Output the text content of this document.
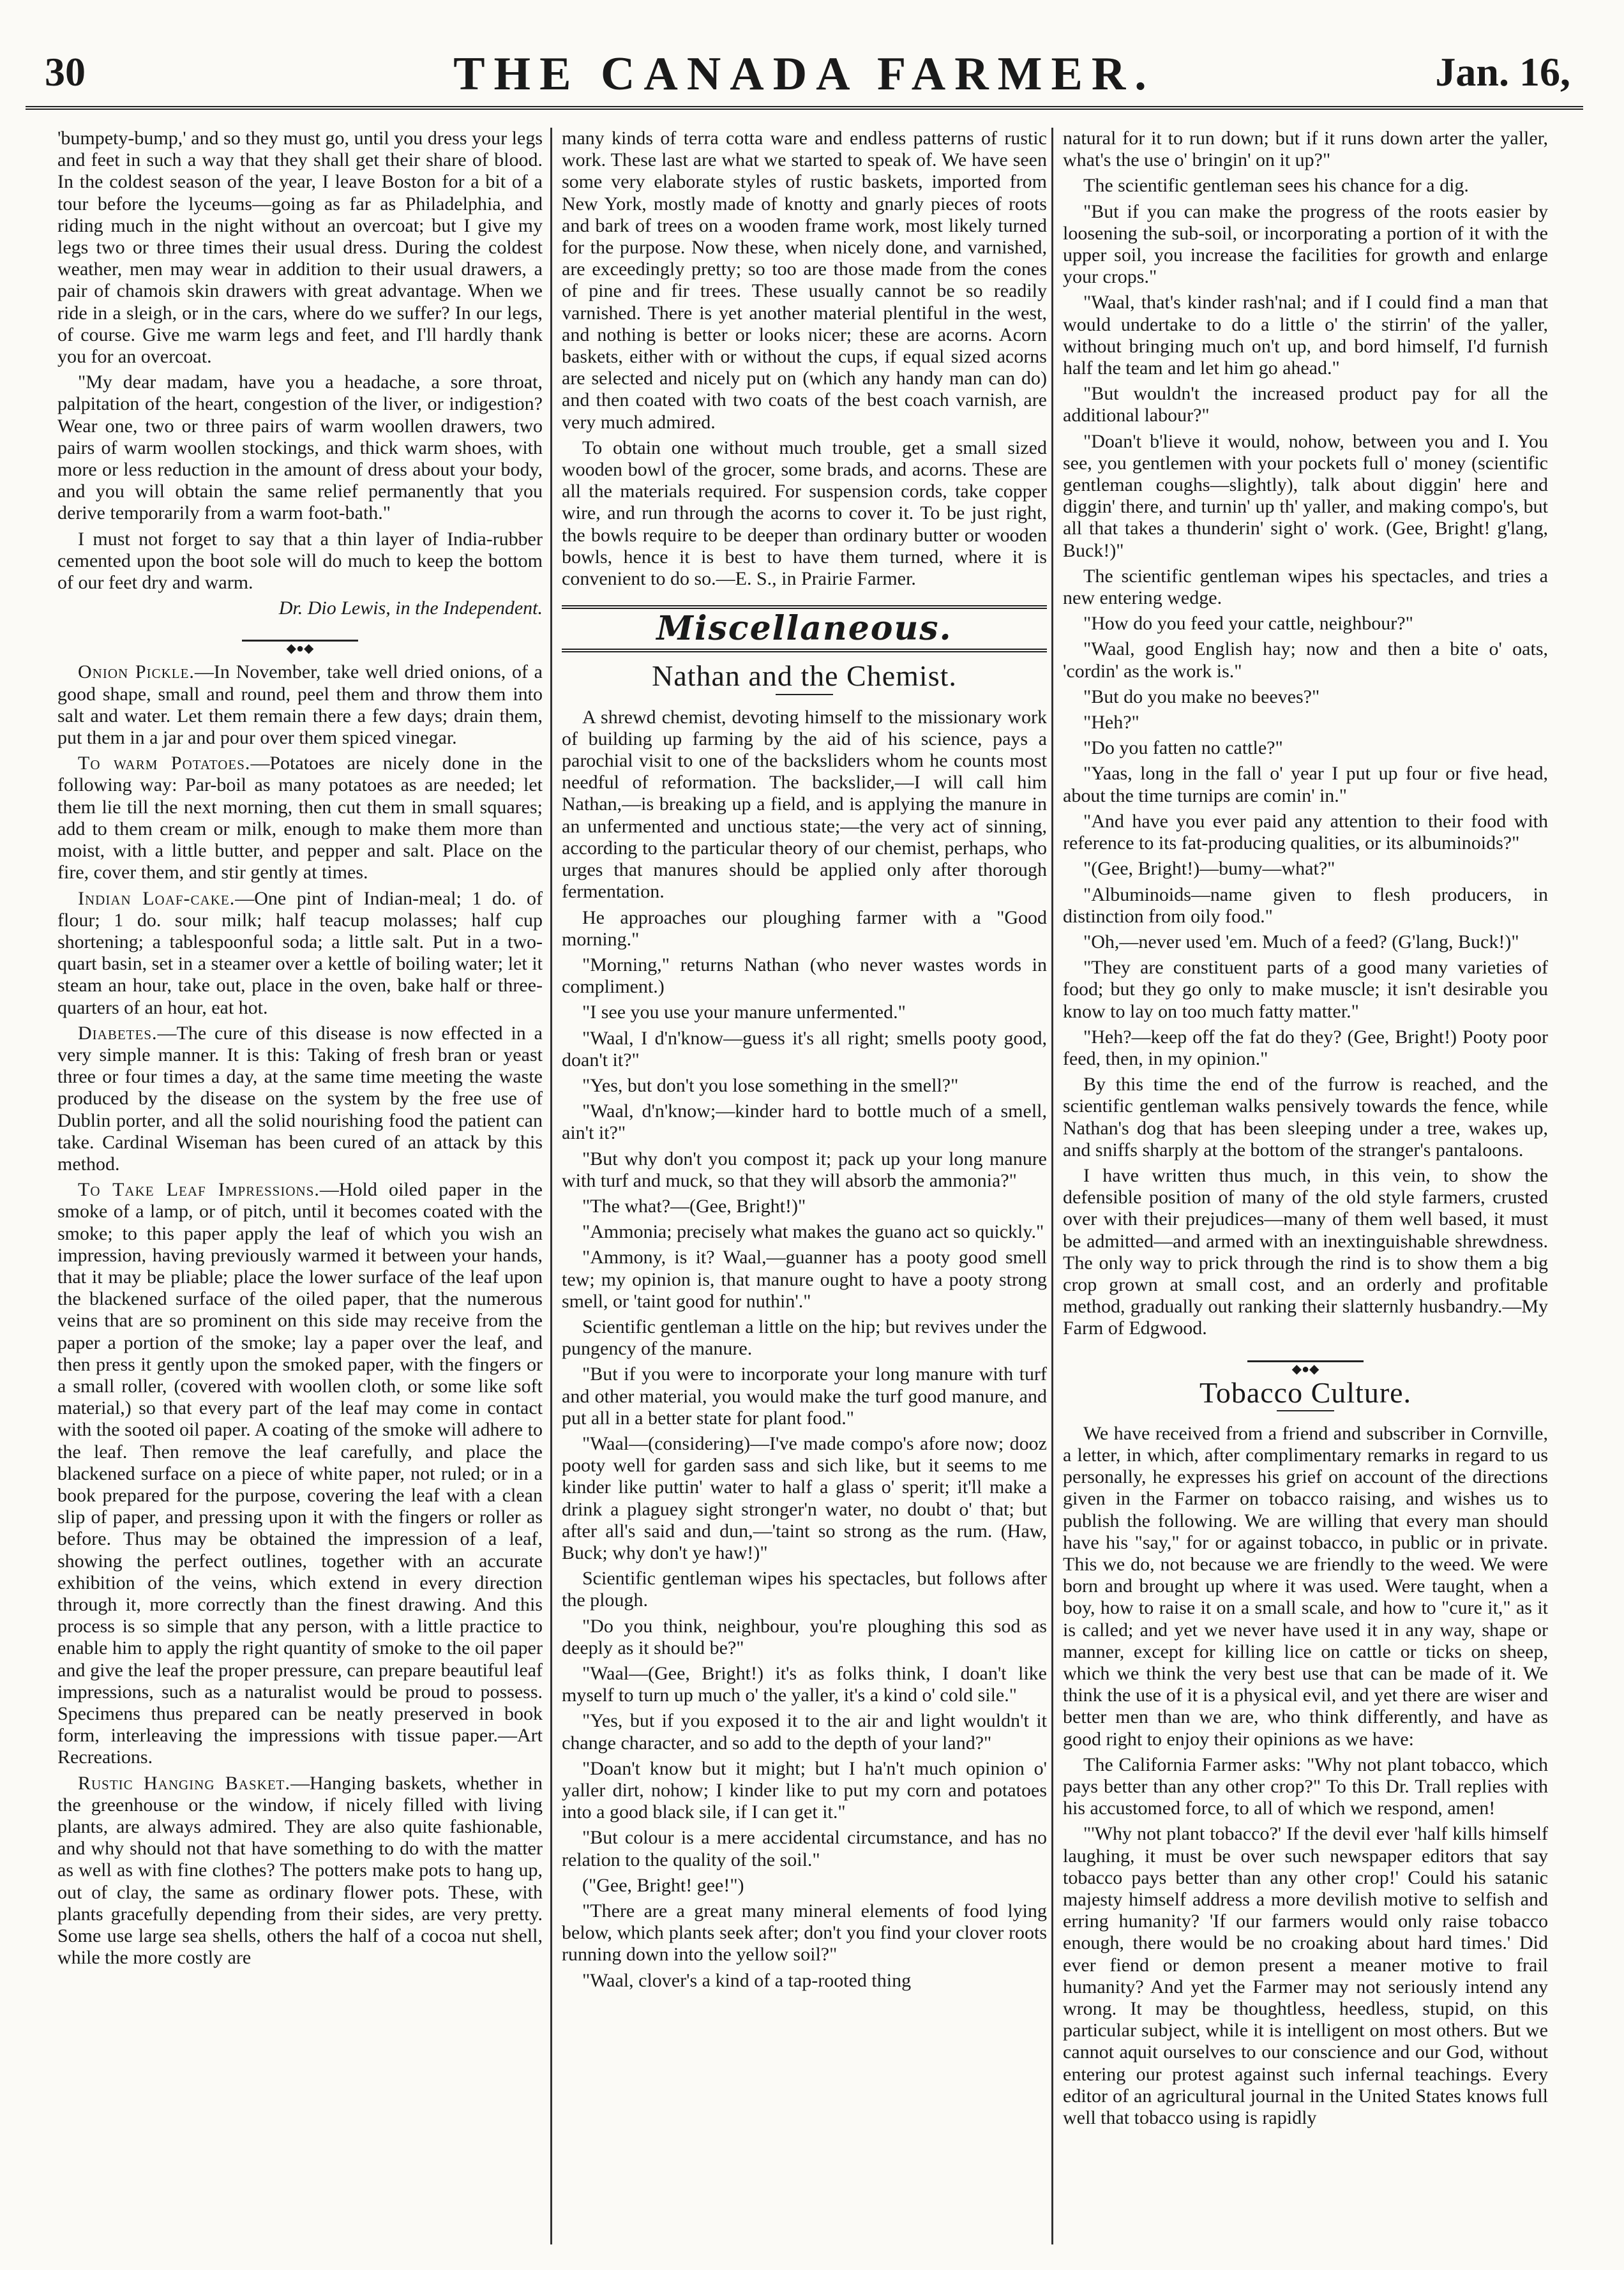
30	THE CANADA FARMER.	Jan. 16,

'bumpety-bump,' and so they must go, until you dress your legs and feet in such a way that they shall get their share of blood. In the coldest season of the year, I leave Boston for a bit of a tour before the lyceums—going as far as Philadelphia, and riding much in the night without an overcoat; but I give my legs two or three times their usual dress. During the coldest weather, men may wear in addition to their usual drawers, a pair of chamois skin drawers with great advantage. When we ride in a sleigh, or in the cars, where do we suffer? In our legs, of course. Give me warm legs and feet, and I'll hardly thank you for an overcoat.

"My dear madam, have you a headache, a sore throat, palpitation of the heart, congestion of the liver, or indigestion? Wear one, two or three pairs of warm woollen drawers, two pairs of warm woollen stockings, and thick warm shoes, with more or less reduction in the amount of dress about your body, and you will obtain the same relief permanently that you derive temporarily from a warm foot-bath."

I must not forget to say that a thin layer of India-rubber cemented upon the boot sole will do much to keep the bottom of our feet dry and warm.

Dr. Dio Lewis, in the Independent.

◆●◆

Onion Pickle.—In November, take well dried onions, of a good shape, small and round, peel them and throw them into salt and water. Let them remain there a few days; drain them, put them in a jar and pour over them spiced vinegar.

To warm Potatoes.—Potatoes are nicely done in the following way: Par-boil as many potatoes as are needed; let them lie till the next morning, then cut them in small squares; add to them cream or milk, enough to make them more than moist, with a little butter, and pepper and salt. Place on the fire, cover them, and stir gently at times.

Indian Loaf-cake.—One pint of Indian-meal; 1 do. of flour; 1 do. sour milk; half teacup molasses; half cup shortening; a tablespoonful soda; a little salt. Put in a two-quart basin, set in a steamer over a kettle of boiling water; let it steam an hour, take out, place in the oven, bake half or three-quarters of an hour, eat hot.

Diabetes.—The cure of this disease is now effected in a very simple manner. It is this: Taking of fresh bran or yeast three or four times a day, at the same time meeting the waste produced by the disease on the system by the free use of Dublin porter, and all the solid nourishing food the patient can take. Cardinal Wiseman has been cured of an attack by this method.

To Take Leaf Impressions.—Hold oiled paper in the smoke of a lamp, or of pitch, until it becomes coated with the smoke; to this paper apply the leaf of which you wish an impression, having previously warmed it between your hands, that it may be pliable; place the lower surface of the leaf upon the blackened surface of the oiled paper, that the numerous veins that are so prominent on this side may receive from the paper a portion of the smoke; lay a paper over the leaf, and then press it gently upon the smoked paper, with the fingers or a small roller, (covered with woollen cloth, or some like soft material,) so that every part of the leaf may come in contact with the sooted oil paper. A coating of the smoke will adhere to the leaf. Then remove the leaf carefully, and place the blackened surface on a piece of white paper, not ruled; or in a book prepared for the purpose, covering the leaf with a clean slip of paper, and pressing upon it with the fingers or roller as before. Thus may be obtained the impression of a leaf, showing the perfect outlines, together with an accurate exhibition of the veins, which extend in every direction through it, more correctly than the finest drawing. And this process is so simple that any person, with a little practice to enable him to apply the right quantity of smoke to the oil paper and give the leaf the proper pressure, can prepare beautiful leaf impressions, such as a naturalist would be proud to possess. Specimens thus prepared can be neatly preserved in book form, interleaving the impressions with tissue paper.—Art Recreations.

Rustic Hanging Basket.—Hanging baskets, whether in the greenhouse or the window, if nicely filled with living plants, are always admired. They are also quite fashionable, and why should not that have something to do with the matter as well as with fine clothes? The potters make pots to hang up, out of clay, the same as ordinary flower pots. These, with plants gracefully depending from their sides, are very pretty. Some use large sea shells, others the half of a cocoa nut shell, while the more costly are

many kinds of terra cotta ware and endless patterns of rustic work. These last are what we started to speak of. We have seen some very elaborate styles of rustic baskets, imported from New York, mostly made of knotty and gnarly pieces of roots and bark of trees on a wooden frame work, most likely turned for the purpose. Now these, when nicely done, and varnished, are exceedingly pretty; so too are those made from the cones of pine and fir trees. These usually cannot be so readily varnished. There is yet another material plentiful in the west, and nothing is better or looks nicer; these are acorns. Acorn baskets, either with or without the cups, if equal sized acorns are selected and nicely put on (which any handy man can do) and then coated with two coats of the best coach varnish, are very much admired.

To obtain one without much trouble, get a small sized wooden bowl of the grocer, some brads, and acorns. These are all the materials required. For suspension cords, take copper wire, and run through the acorns to cover it. To be just right, the bowls require to be deeper than ordinary butter or wooden bowls, hence it is best to have them turned, where it is convenient to do so.—E. S., in Prairie Farmer.

Miscellaneous.
Nathan and the Chemist.

A shrewd chemist, devoting himself to the missionary work of building up farming by the aid of his science, pays a parochial visit to one of the backsliders whom he counts most needful of reformation. The backslider,—I will call him Nathan,—is breaking up a field, and is applying the manure in an unfermented and unctious state;—the very act of sinning, according to the particular theory of our chemist, perhaps, who urges that manures should be applied only after thorough fermentation.

He approaches our ploughing farmer with a "Good morning."

"Morning," returns Nathan (who never wastes words in compliment.)

"I see you use your manure unfermented."

"Waal, I d'n'know—guess it's all right; smells pooty good, doan't it?"

"Yes, but don't you lose something in the smell?"

"Waal, d'n'know;—kinder hard to bottle much of a smell, ain't it?"

"But why don't you compost it; pack up your long manure with turf and muck, so that they will absorb the ammonia?"

"The what?—(Gee, Bright!)"

"Ammonia; precisely what makes the guano act so quickly."

"Ammony, is it? Waal,—guanner has a pooty good smell tew; my opinion is, that manure ought to have a pooty strong smell, or 'taint good for nuthin'."

Scientific gentleman a little on the hip; but revives under the pungency of the manure.

"But if you were to incorporate your long manure with turf and other material, you would make the turf good manure, and put all in a better state for plant food."

"Waal—(considering)—I've made compo's afore now; dooz pooty well for garden sass and sich like, but it seems to me kinder like puttin' water to half a glass o' sperit; it'll make a drink a plaguey sight stronger'n water, no doubt o' that; but after all's said and dun,—'taint so strong as the rum. (Haw, Buck; why don't ye haw!)"

Scientific gentleman wipes his spectacles, but follows after the plough.

"Do you think, neighbour, you're ploughing this sod as deeply as it should be?"

"Waal—(Gee, Bright!) it's as folks think, I doan't like myself to turn up much o' the yaller, it's a kind o' cold sile."

"Yes, but if you exposed it to the air and light wouldn't it change character, and so add to the depth of your land?"

"Doan't know but it might; but I ha'n't much opinion o' yaller dirt, nohow; I kinder like to put my corn and potatoes into a good black sile, if I can get it."

"But colour is a mere accidental circumstance, and has no relation to the quality of the soil."

("Gee, Bright! gee!")

"There are a great many mineral elements of food lying below, which plants seek after; don't you find your clover roots running down into the yellow soil?"

"Waal, clover's a kind of a tap-rooted thing

natural for it to run down; but if it runs down arter the yaller, what's the use o' bringin' on it up?"

The scientific gentleman sees his chance for a dig.

"But if you can make the progress of the roots easier by loosening the sub-soil, or incorporating a portion of it with the upper soil, you increase the facilities for growth and enlarge your crops."

"Waal, that's kinder rash'nal; and if I could find a man that would undertake to do a little o' the stirrin' of the yaller, without bringing much on't up, and bord himself, I'd furnish half the team and let him go ahead."

"But wouldn't the increased product pay for all the additional labour?"

"Doan't b'lieve it would, nohow, between you and I. You see, you gentlemen with your pockets full o' money (scientific gentleman coughs—slightly), talk about diggin' here and diggin' there, and turnin' up th' yaller, and making compo's, but all that takes a thunderin' sight o' work. (Gee, Bright! g'lang, Buck!)"

The scientific gentleman wipes his spectacles, and tries a new entering wedge.

"How do you feed your cattle, neighbour?"

"Waal, good English hay; now and then a bite o' oats, 'cordin' as the work is."

"But do you make no beeves?"

"Heh?"

"Do you fatten no cattle?"

"Yaas, long in the fall o' year I put up four or five head, about the time turnips are comin' in."

"And have you ever paid any attention to their food with reference to its fat-producing qualities, or its albuminoids?"

"(Gee, Bright!)—bumy—what?"

"Albuminoids—name given to flesh producers, in distinction from oily food."

"Oh,—never used 'em. Much of a feed? (G'lang, Buck!)"

"They are constituent parts of a good many varieties of food; but they go only to make muscle; it isn't desirable you know to lay on too much fatty matter."

"Heh?—keep off the fat do they? (Gee, Bright!) Pooty poor feed, then, in my opinion."

By this time the end of the furrow is reached, and the scientific gentleman walks pensively towards the fence, while Nathan's dog that has been sleeping under a tree, wakes up, and sniffs sharply at the bottom of the stranger's pantaloons.

I have written thus much, in this vein, to show the defensible position of many of the old style farmers, crusted over with their prejudices—many of them well based, it must be admitted—and armed with an inextinguishable shrewdness. The only way to prick through the rind is to show them a big crop grown at small cost, and an orderly and profitable method, gradually out ranking their slatternly husbandry.—My Farm of Edgwood.

◆●◆
Tobacco Culture.

We have received from a friend and subscriber in Cornville, a letter, in which, after complimentary remarks in regard to us personally, he expresses his grief on account of the directions given in the Farmer on tobacco raising, and wishes us to publish the following. We are willing that every man should have his "say," for or against tobacco, in public or in private. This we do, not because we are friendly to the weed. We were born and brought up where it was used. Were taught, when a boy, how to raise it on a small scale, and how to "cure it," as it is called; and yet we never have used it in any way, shape or manner, except for killing lice on cattle or ticks on sheep, which we think the very best use that can be made of it. We think the use of it is a physical evil, and yet there are wiser and better men than we are, who think differently, and have as good right to enjoy their opinions as we have:

The California Farmer asks: "Why not plant tobacco, which pays better than any other crop?" To this Dr. Trall replies with his accustomed force, to all of which we respond, amen!

"'Why not plant tobacco?' If the devil ever 'half kills himself laughing, it must be over such newspaper editors that say tobacco pays better than any other crop!' Could his satanic majesty himself address a more devilish motive to selfish and erring humanity? 'If our farmers would only raise tobacco enough, there would be no croaking about hard times.' Did ever fiend or demon present a meaner motive to frail humanity? And yet the Farmer may not seriously intend any wrong. It may be thoughtless, heedless, stupid, on this particular subject, while it is intelligent on most others. But we cannot aquit ourselves to our conscience and our God, without entering our protest against such infernal teachings. Every editor of an agricultural journal in the United States knows full well that tobacco using is rapidly
